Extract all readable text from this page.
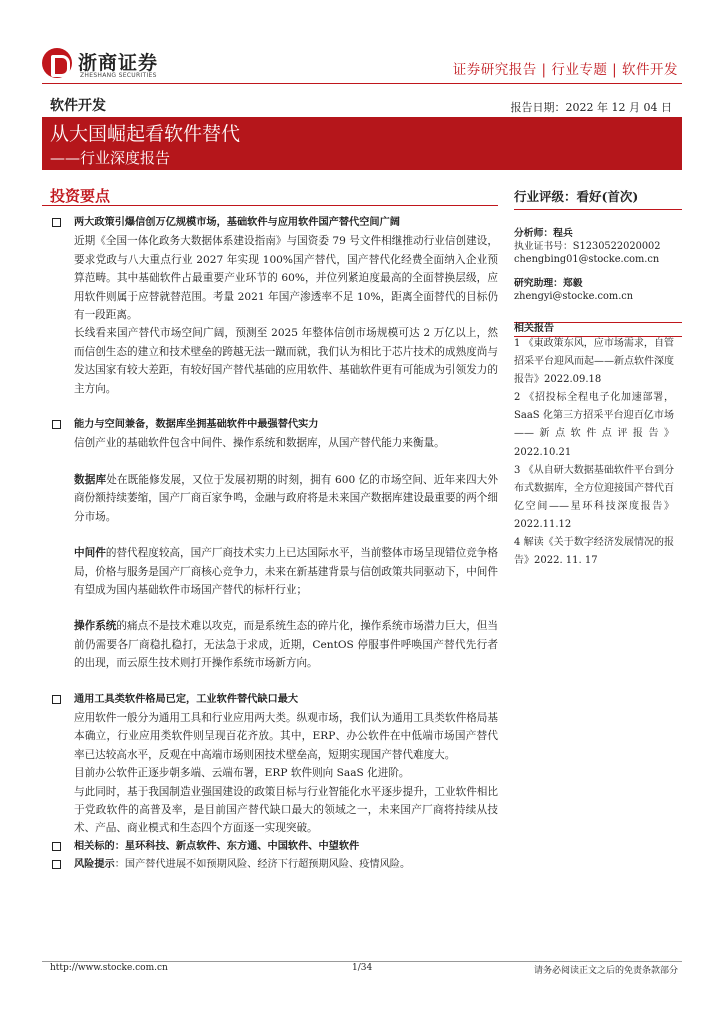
浙商证券
ZHESHANG SECURITIES	证券研究报告 | 行业专题 | 软件开发
软件开发	报告日期：2022 年 12 月 04 日
从大国崛起看软件替代
——行业深度报告
投资要点
两大政策引爆信创万亿规模市场，基础软件与应用软件国产替代空间广阔
近期《全国一体化政务大数据体系建设指南》与国资委 79 号文件相继推动行业信创建设，要求党政与八大重点行业 2027 年实现 100%国产替代，国产替代化经费全面纳入企业预算范畴。其中基础软件占最重要产业环节的 60%，并位列紧迫度最高的全面替换层级，应用软件则属于应替就替范围。考量 2021 年国产渗透率不足 10%，距离全面替代的目标仍有一段距离。
长线看来国产替代市场空间广阔，预测至 2025 年整体信创市场规模可达 2 万亿以上，然而信创生态的建立和技术壁垒的跨越无法一蹴而就，我们认为相比于芯片技术的成熟度尚与发达国家有较大差距，有较好国产替代基础的应用软件、基础软件更有可能成为引领发力的主方向。
能力与空间兼备，数据库坐拥基础软件中最强替代实力
信创产业的基础软件包含中间件、操作系统和数据库，从国产替代能力来衡量。
数据库处在既能修发展，又位于发展初期的时刻，拥有 600 亿的市场空间、近年来四大外商份额持续萎缩，国产厂商百家争鸣，金融与政府将是未来国产数据库建设最重要的两个细分市场。
中间件的替代程度较高，国产厂商技术实力上已达国际水平，当前整体市场呈现错位竞争格局，价格与服务是国产厂商核心竞争力，未来在新基建背景与信创政策共同驱动下，中间件有望成为国内基础软件市场国产替代的标杆行业；
操作系统的痛点不是技术难以攻克，而是系统生态的碎片化，操作系统市场潜力巨大，但当前仍需要各厂商稳扎稳打，无法急于求成，近期，CentOS 停服事件呼唤国产替代先行者的出现，而云原生技术则打开操作系统市场新方向。
通用工具类软件格局已定，工业软件替代缺口最大
应用软件一般分为通用工具和行业应用两大类。纵观市场，我们认为通用工具类软件格局基本确立，行业应用类软件则呈现百花齐放。其中，ERP、办公软件在中低端市场国产替代率已达较高水平，反观在中高端市场则困技术壁垒高，短期实现国产替代难度大。
目前办公软件正逐步朝多端、云端布署，ERP 软件则向 SaaS 化进阶。
与此同时，基于我国制造业强国建设的政策目标与行业智能化水平逐步提升，工业软件相比于党政软件的高普及率，是目前国产替代缺口最大的领域之一，未来国产厂商将持续从技术、产品、商业模式和生态四个方面逐一实现突破。
相关标的：星环科技、新点软件、东方通、中国软件、中望软件
风险提示：国产替代进展不如预期风险、经济下行超预期风险、疫情风险。
行业评级：看好(首次)
分析师：程兵
执业证书号：S1230522020002
chengbing01@stocke.com.cn
研究助理：郑毅
zhengyi@stocke.com.cn
相关报告
1 《東政策东风，应市场需求，自管招采平台迎风而起——新点软件深度报告》2022.09.18
2 《招投标全程电子化加速部署，SaaS 化第三方招采平台迎百亿市场——新点软件点评报告》2022.10.21
3 《从自研大数据基础软件平台到分布式数据库，全方位迎接国产替代百亿空间——星环科技深度报告》2022.11.12
4 解读《关于数字经济发展情况的报告》2022. 11. 17
http://www.stocke.com.cn	1/34	请务必阅读正文之后的免责条款部分
